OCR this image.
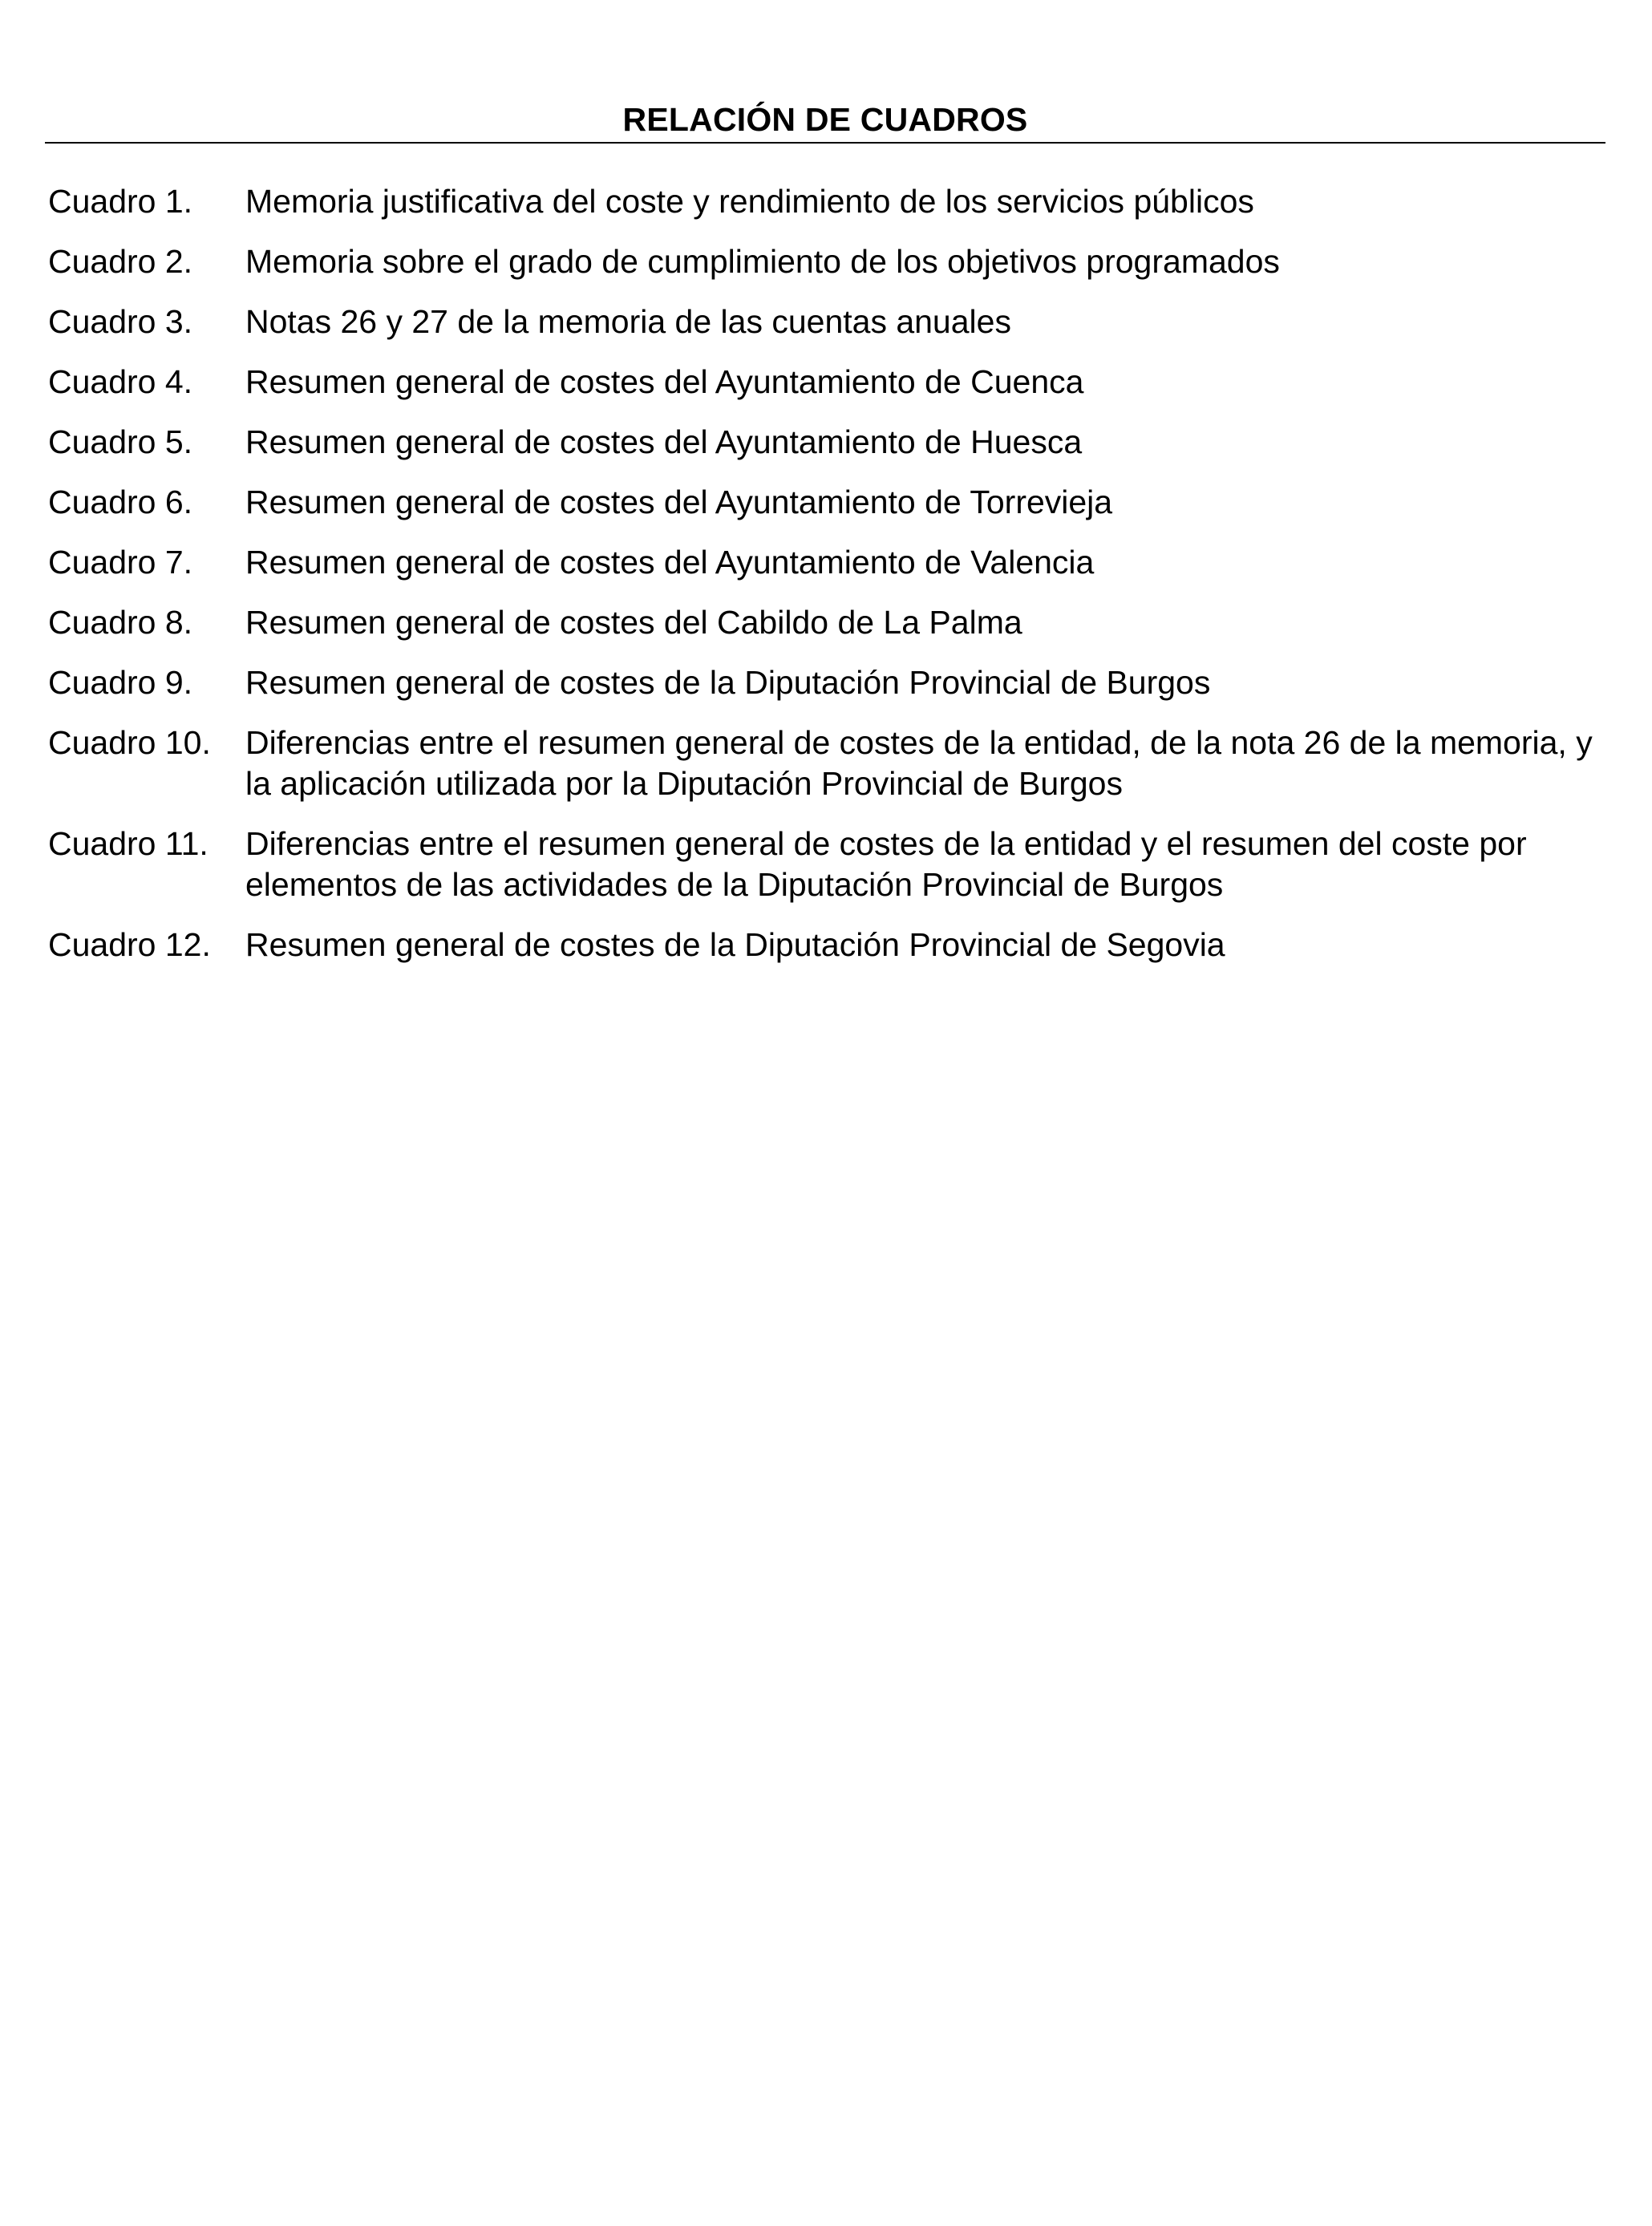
RELACIÓN DE CUADROS
Cuadro 1.	Memoria justificativa del coste y rendimiento de los servicios públicos
Cuadro 2.	Memoria sobre el grado de cumplimiento de los objetivos programados
Cuadro 3.	Notas 26 y 27 de la memoria de las cuentas anuales
Cuadro 4.	Resumen general de costes del Ayuntamiento de Cuenca
Cuadro 5.	Resumen general de costes del Ayuntamiento de Huesca
Cuadro 6.	Resumen general de costes del Ayuntamiento de Torrevieja
Cuadro 7.	Resumen general de costes del Ayuntamiento de Valencia
Cuadro 8.	Resumen general de costes del Cabildo de La Palma
Cuadro 9.	Resumen general de costes de la Diputación Provincial de Burgos
Cuadro 10.	Diferencias entre el resumen general de costes de la entidad, de la nota 26 de la memoria, y la aplicación utilizada por la Diputación Provincial de Burgos
Cuadro 11.	Diferencias entre el resumen general de costes de la entidad y el resumen del coste por elementos de las actividades de la Diputación Provincial de Burgos
Cuadro 12.	Resumen general de costes de la Diputación Provincial de Segovia
